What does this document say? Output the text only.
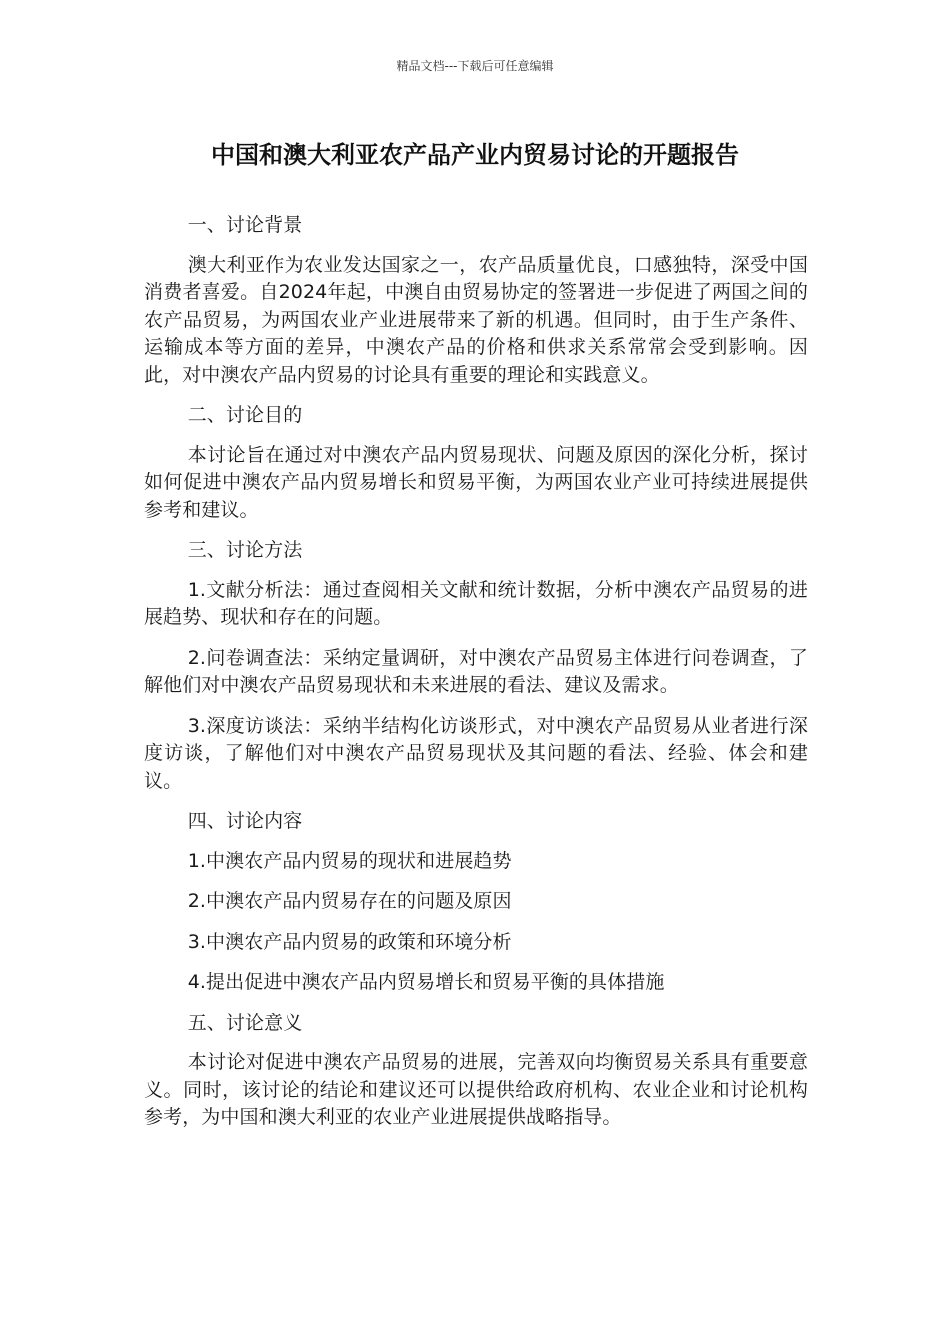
精品文档---下载后可任意编辑
中国和澳大利亚农产品产业内贸易讨论的开题报告

一、讨论背景

澳大利亚作为农业发达国家之一，农产品质量优良，口感独特，深受中国消费者喜爱。自2024年起，中澳自由贸易协定的签署进一步促进了两国之间的农产品贸易，为两国农业产业进展带来了新的机遇。但同时，由于生产条件、运输成本等方面的差异，中澳农产品的价格和供求关系常常会受到影响。因此，对中澳农产品内贸易的讨论具有重要的理论和实践意义。

二、讨论目的

本讨论旨在通过对中澳农产品内贸易现状、问题及原因的深化分析，探讨如何促进中澳农产品内贸易增长和贸易平衡，为两国农业产业可持续进展提供参考和建议。

三、讨论方法

1.文献分析法：通过查阅相关文献和统计数据，分析中澳农产品贸易的进展趋势、现状和存在的问题。

2.问卷调查法：采纳定量调研，对中澳农产品贸易主体进行问卷调查，了解他们对中澳农产品贸易现状和未来进展的看法、建议及需求。

3.深度访谈法：采纳半结构化访谈形式，对中澳农产品贸易从业者进行深度访谈，了解他们对中澳农产品贸易现状及其问题的看法、经验、体会和建议。

四、讨论内容

1.中澳农产品内贸易的现状和进展趋势

2.中澳农产品内贸易存在的问题及原因

3.中澳农产品内贸易的政策和环境分析

4.提出促进中澳农产品内贸易增长和贸易平衡的具体措施

五、讨论意义

本讨论对促进中澳农产品贸易的进展，完善双向均衡贸易关系具有重要意义。同时，该讨论的结论和建议还可以提供给政府机构、农业企业和讨论机构参考，为中国和澳大利亚的农业产业进展提供战略指导。
